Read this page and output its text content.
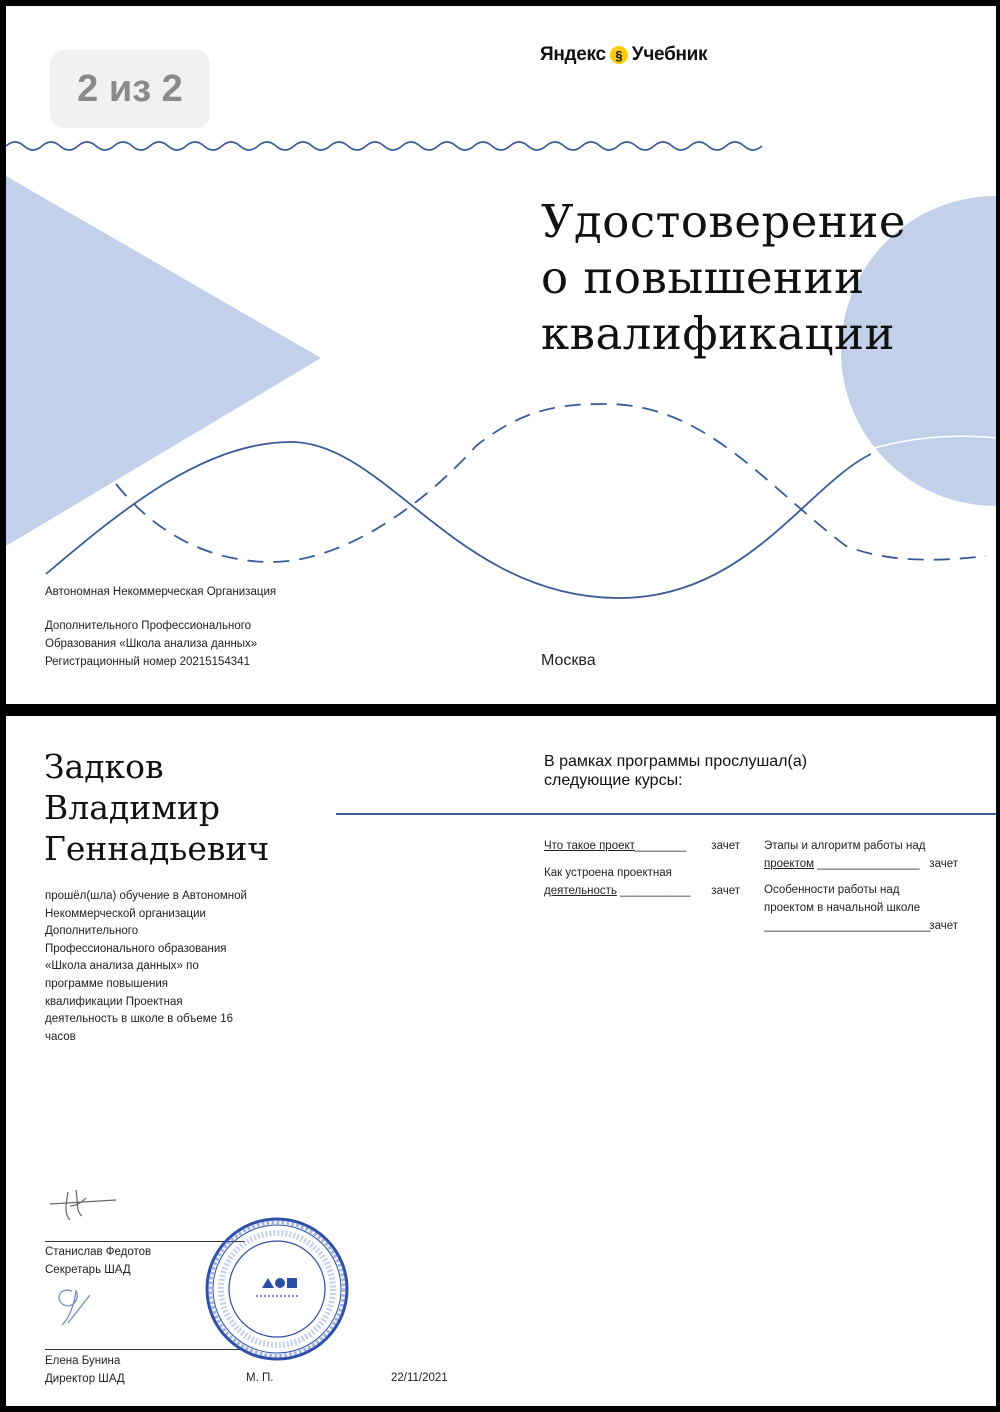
2 из 2
Яндекс § Учебник
Удостоверение
о повышении
квалификации
Автономная Некоммерческая Организация
Дополнительного Профессионального
Образования «Школа анализа данных»
Регистрационный номер 20215154341	Москва
Задков
Владимир
Геннадьевич
прошёл(шла) обучение в Автономной
Некоммерческой организации
Дополнительного
Профессионального образования
«Школа анализа данных» по
программе повышения
квалификации Проектная
деятельность в школе в объеме 16
часов
В рамках программы прослушал(а)
следующие курсы:
Что такое проект________ зачет
Как устроена проектная
деятельность ___________	зачет
Этапы и алгоритм работы над
проектом ________________ зачет
Особенности работы над
проектом в начальной школе
__________________________ зачет
Станислав Федотов
Секретарь ШАД
Елена Бунина
Директор ШАД	М. П.	22/11/2021
